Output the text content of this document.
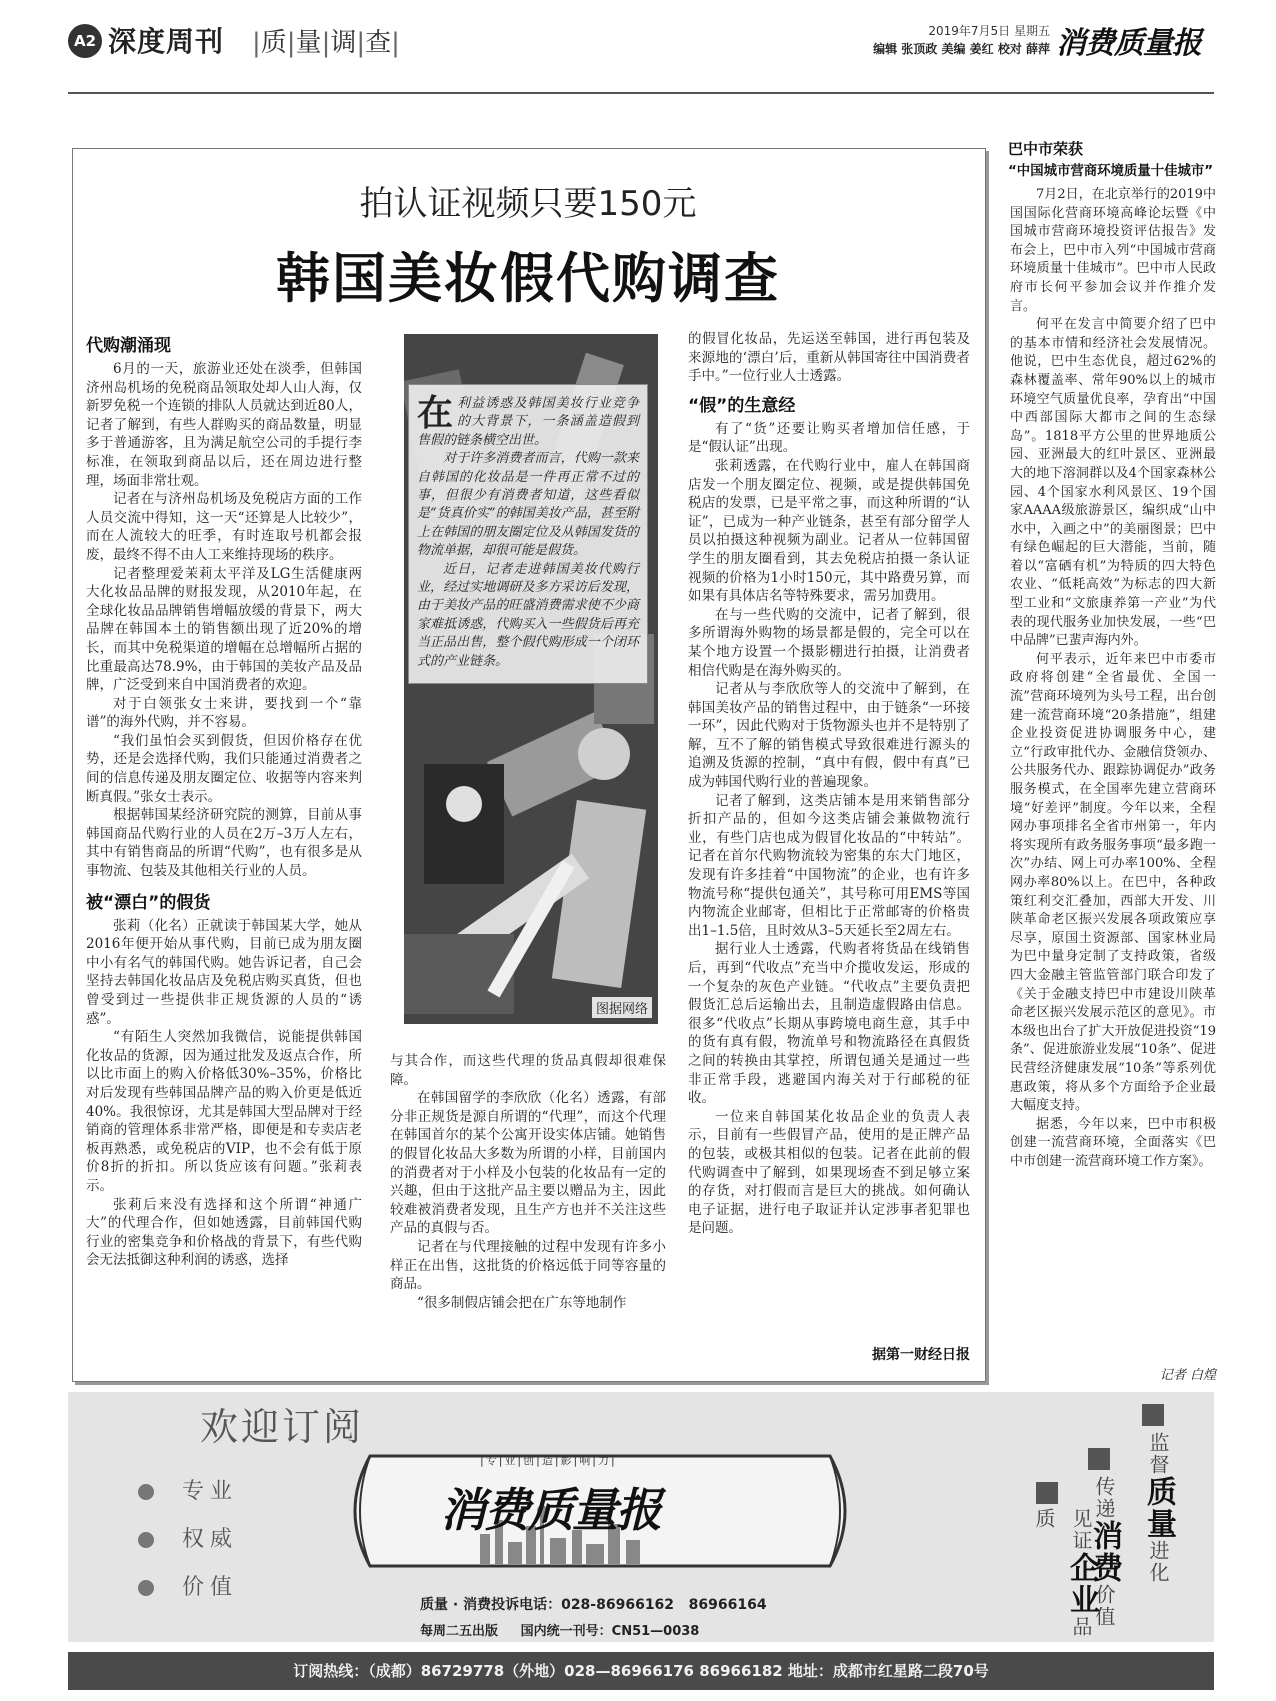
A2 深度周刊 |质|量|调|查|	2019年7月5日 星期五
编辑 张顶政 美编 姜红 校对 薛萍 消费质量报
拍认证视频只要150元
韩国美妆假代购调查
代购潮涌现

6月的一天，旅游业还处在淡季，但韩国济州岛机场的免税商品领取处却人山人海，仅新罗免税一个连锁的排队人员就达到近80人，记者了解到，有些人群购买的商品数量，明显多于普通游客，且为满足航空公司的手提行李标准，在领取到商品以后，还在周边进行整理，场面非常壮观。

记者在与济州岛机场及免税店方面的工作人员交流中得知，这一天“还算是人比较少”，而在人流较大的旺季，有时连取号机都会报废，最终不得不由人工来维持现场的秩序。

记者整理爱茉莉太平洋及LG生活健康两大化妆品品牌的财报发现，从2010年起，在全球化妆品品牌销售增幅放缓的背景下，两大品牌在韩国本土的销售额出现了近20%的增长，而其中免税渠道的增幅在总增幅所占据的比重最高达78.9%，由于韩国的美妆产品及品牌，广泛受到来自中国消费者的欢迎。

对于白领张女士来讲，要找到一个“靠谱”的海外代购，并不容易。

“我们虽怕会买到假货，但因价格存在优势，还是会选择代购，我们只能通过消费者之间的信息传递及朋友圈定位、收据等内容来判断真假。”张女士表示。

根据韩国某经济研究院的测算，目前从事韩国商品代购行业的人员在2万–3万人左右，其中有销售商品的所谓“代购”，也有很多是从事物流、包装及其他相关行业的人员。

被“漂白”的假货

张莉（化名）正就读于韩国某大学，她从2016年便开始从事代购，目前已成为朋友圈中小有名气的韩国代购。她告诉记者，自己会坚持去韩国化妆品店及免税店购买真货，但也曾受到过一些提供非正规货源的人员的“诱惑”。

“有陌生人突然加我微信，说能提供韩国化妆品的货源，因为通过批发及返点合作，所以比市面上的购入价格低30%–35%，价格比对后发现有些韩国品牌产品的购入价更是低近40%。我很惊讶，尤其是韩国大型品牌对于经销商的管理体系非常严格，即便是和专卖店老板再熟悉，或免税店的VIP，也不会有低于原价8折的折扣。所以货应该有问题。”张莉表示。

张莉后来没有选择和这个所谓“神通广大”的代理合作，但如她透露，目前韩国代购行业的密集竞争和价格战的背景下，有些代购会无法抵御这种利润的诱惑，选择

在 利益诱惑及韩国美妆行业竞争的大背景下，一条涵盖造假到售假的链条横空出世。
对于许多消费者而言，代购一款来自韩国的化妆品是一件再正常不过的事，但很少有消费者知道，这些看似是“货真价实”的韩国美妆产品，甚至附上在韩国的朋友圈定位及从韩国发货的物流单据，却很可能是假货。
近日，记者走进韩国美妆代购行业，经过实地调研及多方采访后发现，由于美妆产品的旺盛消费需求使不少商家难抵诱惑，代购买入一些假货后再充当正品出售，整个假代购形成一个闭环式的产业链条。
图据网络

与其合作，而这些代理的货品真假却很难保障。

在韩国留学的李欣欣（化名）透露，有部分非正规货是源自所谓的“代理”，而这个代理在韩国首尔的某个公寓开设实体店铺。她销售的假冒化妆品大多数为所谓的小样，目前国内的消费者对于小样及小包装的化妆品有一定的兴趣，但由于这批产品主要以赠品为主，因此较难被消费者发现，且生产方也并不关注这些产品的真假与否。

记者在与代理接触的过程中发现有许多小样正在出售，这批货的价格远低于同等容量的商品。

“很多制假店铺会把在广东等地制作

的假冒化妆品，先运送至韩国，进行再包装及来源地的‘漂白’后，重新从韩国寄往中国消费者手中。”一位行业人士透露。

“假”的生意经

有了“货”还要让购买者增加信任感，于是“假认证”出现。

张莉透露，在代购行业中，雇人在韩国商店发一个朋友圈定位、视频，或是提供韩国免税店的发票，已是平常之事，而这种所谓的“认证”，已成为一种产业链条，甚至有部分留学人员以拍摄这种视频为副业。记者从一位韩国留学生的朋友圈看到，其去免税店拍摄一条认证视频的价格为1小时150元，其中路费另算，而如果有具体店名等特殊要求，需另加费用。

在与一些代购的交流中，记者了解到，很多所谓海外购物的场景都是假的，完全可以在某个地方设置一个摄影棚进行拍摄，让消费者相信代购是在海外购买的。

记者从与李欣欣等人的交流中了解到，在韩国美妆产品的销售过程中，由于链条“一环接一环”，因此代购对于货物源头也并不是特别了解，互不了解的销售模式导致很难进行源头的追溯及货源的控制，“真中有假，假中有真”已成为韩国代购行业的普遍现象。

记者了解到，这类店铺本是用来销售部分折扣产品的，但如今这类店铺会兼做物流行业，有些门店也成为假冒化妆品的“中转站”。记者在首尔代购物流较为密集的东大门地区，发现有许多挂着“中国物流”的企业，也有许多物流号称“提供包通关”，其号称可用EMS等国内物流企业邮寄，但相比于正常邮寄的价格贵出1–1.5倍，且时效从3–5天延长至2周左右。

据行业人士透露，代购者将货品在线销售后，再到“代收点”充当中介揽收发运，形成的一个复杂的灰色产业链。“代收点”主要负责把假货汇总后运输出去，且制造虚假路由信息。很多“代收点”长期从事跨境电商生意，其手中的货有真有假，物流单号和物流路径在真假货之间的转换由其掌控，所谓包通关是通过一些非正常手段，逃避国内海关对于行邮税的征收。

一位来自韩国某化妆品企业的负责人表示，目前有一些假冒产品，使用的是正牌产品的包装，或极其相似的包装。记者在此前的假代购调查中了解到，如果现场查不到足够立案的存货，对打假而言是巨大的挑战。如何确认电子证据，进行电子取证并认定涉事者犯罪也是问题。

据第一财经日报
巴中市荣获
“中国城市营商环境质量十佳城市”

7月2日，在北京举行的2019中国国际化营商环境高峰论坛暨《中国城市营商环境投资评估报告》发布会上，巴中市入列“中国城市营商环境质量十佳城市”。巴中市人民政府市长何平参加会议并作推介发言。

何平在发言中简要介绍了巴中的基本市情和经济社会发展情况。他说，巴中生态优良，超过62%的森林覆盖率、常年90%以上的城市环境空气质量优良率，孕育出“中国中西部国际大都市之间的生态绿岛”。1818平方公里的世界地质公园、亚洲最大的红叶景区、亚洲最大的地下溶洞群以及4个国家森林公园、4个国家水利风景区、19个国家AAAA级旅游景区，编织成“山中水中，入画之中”的美丽图景；巴中有绿色崛起的巨大潜能，当前，随着以“富硒有机”为特质的四大特色农业、“低耗高效”为标志的四大新型工业和“文旅康养第一产业”为代表的现代服务业加快发展，一些“巴中品牌”已蜚声海内外。

何平表示，近年来巴中市委市政府将创建“全省最优、全国一流”营商环境列为头号工程，出台创建一流营商环境“20条措施”，组建企业投资促进协调服务中心，建立“行政审批代办、金融信贷领办、公共服务代办、跟踪协调促办”政务服务模式，在全国率先建立营商环境“好差评”制度。今年以来，全程网办事项排名全省市州第一，年内将实现所有政务服务事项“最多跑一次”办结、网上可办率100%、全程网办率80%以上。在巴中，各种政策红利交汇叠加，西部大开发、川陕革命老区振兴发展各项政策应享尽享，原国土资源部、国家林业局为巴中量身定制了支持政策，省级四大金融主管监管部门联合印发了《关于金融支持巴中市建设川陕革命老区振兴发展示范区的意见》。市本级也出台了扩大开放促进投资“19条”、促进旅游业发展“10条”、促进民营经济健康发展“10条”等系列优惠政策，将从多个方面给予企业最大幅度支持。

据悉，今年以来，巴中市积极创建一流营商环境，全面落实《巴中市创建一流营商环境工作方案》。

记者 白煌
欢迎订阅
专业
权威
价值
|专|业|创|造|影|响|力|
消费质量报
质量 · 消费投诉电话：028-86966162 86966164
每周二五出版 国内统一刊号：CN51—0038
监督质量进化
传递消费价值
见证企业品质
订阅热线：（成都）86729778（外地）028—86966176 86966182 地址：成都市红星路二段70号
